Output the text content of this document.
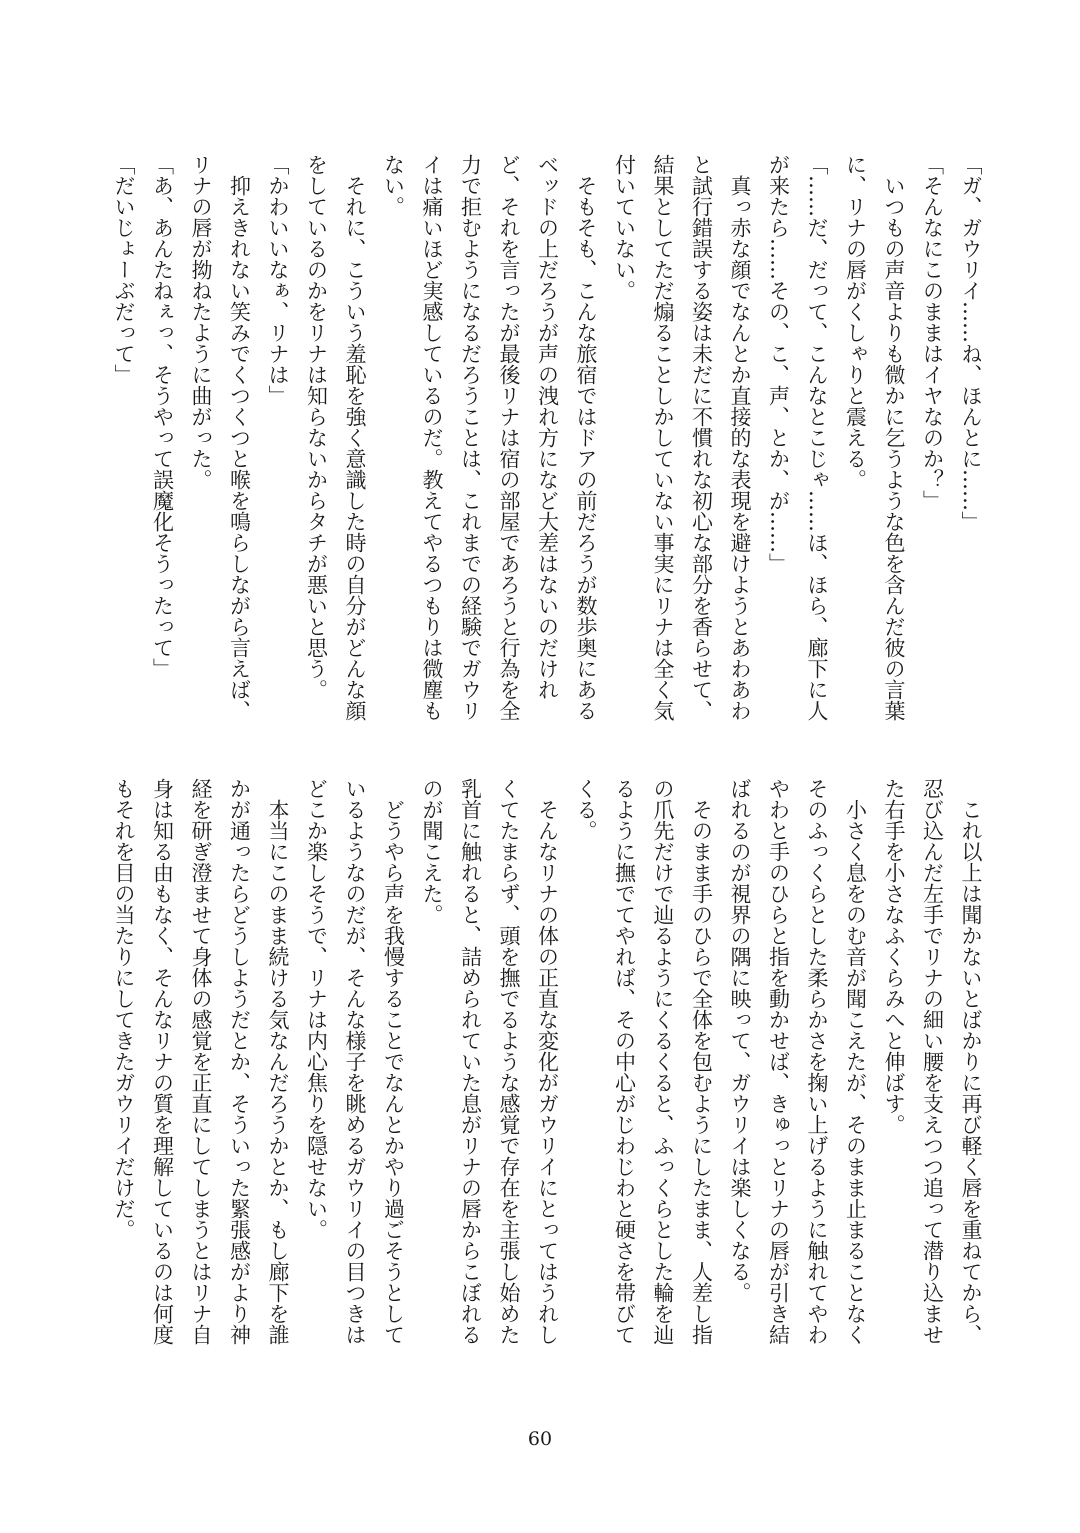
「ガ、ガウリイ……ね、ほんとに……」
「そんなにこのままはイヤなのか？」
　いつもの声音よりも微かに乞うような色を含んだ彼の言葉
に、リナの唇がくしゃりと震える。
「……だ、だって、こんなとこじゃ……ほ、ほら、廊下に人
が来たら……その、こ、声、とか、が……」
　真っ赤な顔でなんとか直接的な表現を避けようとあわあわ
と試行錯誤する姿は未だに不慣れな初心な部分を香らせて、
結果としてただ煽ることしかしていない事実にリナは全く気
付いていない。
　そもそも、こんな旅宿ではドアの前だろうが数歩奥にある
ベッドの上だろうが声の洩れ方になど大差はないのだけれ
ど、それを言ったが最後リナは宿の部屋であろうと行為を全
力で拒むようになるだろうことは、これまでの経験でガウリ
イは痛いほど実感しているのだ。教えてやるつもりは微塵も
ない。
　それに、こういう羞恥を強く意識した時の自分がどんな顔
をしているのかをリナは知らないからタチが悪いと思う。
「かわいいなぁ、リナは」
　抑えきれない笑みでくつくつと喉を鳴らしながら言えば、
リナの唇が拗ねたように曲がった。
「あ、あんたねぇっ、そうやって誤魔化そうったって」
「だいじょーぶだって」
　これ以上は聞かないとばかりに再び軽く唇を重ねてから、
忍び込んだ左手でリナの細い腰を支えつつ追って潜り込ませ
た右手を小さなふくらみへと伸ばす。
　小さく息をのむ音が聞こえたが、そのまま止まることなく
そのふっくらとした柔らかさを掬い上げるように触れてやわ
やわと手のひらと指を動かせば、きゅっとリナの唇が引き結
ばれるのが視界の隅に映って、ガウリイは楽しくなる。
　そのまま手のひらで全体を包むようにしたまま、人差し指
の爪先だけで辿るようにくるくると、ふっくらとした輪を辿
るように撫でてやれば、その中心がじわじわと硬さを帯びて
くる。
　そんなリナの体の正直な変化がガウリイにとってはうれし
くてたまらず、頭を撫でるような感覚で存在を主張し始めた
乳首に触れると、詰められていた息がリナの唇からこぼれる
のが聞こえた。
　どうやら声を我慢することでなんとかやり過ごそうとして
いるようなのだが、そんな様子を眺めるガウリイの目つきは
どこか楽しそうで、リナは内心焦りを隠せない。
　本当にこのまま続ける気なんだろうかとか、もし廊下を誰
かが通ったらどうしようだとか、そういった緊張感がより神
経を研ぎ澄ませて身体の感覚を正直にしてしまうとはリナ自
身は知る由もなく、そんなリナの質を理解しているのは何度
もそれを目の当たりにしてきたガウリイだけだ。
60
